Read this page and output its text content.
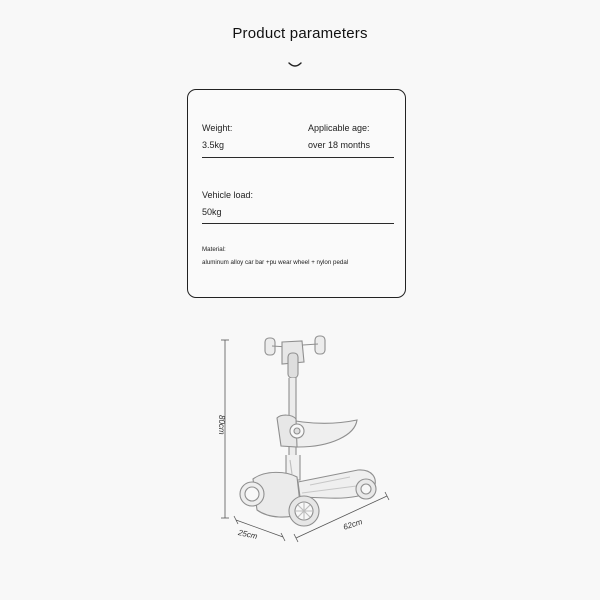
Product parameters
Weight:
3.5kg
Applicable age:
over 18 months
Vehicle load:
50kg
Material:
aluminum alloy car bar +pu wear wheel + nylon pedal
80cm
25cm
62cm
